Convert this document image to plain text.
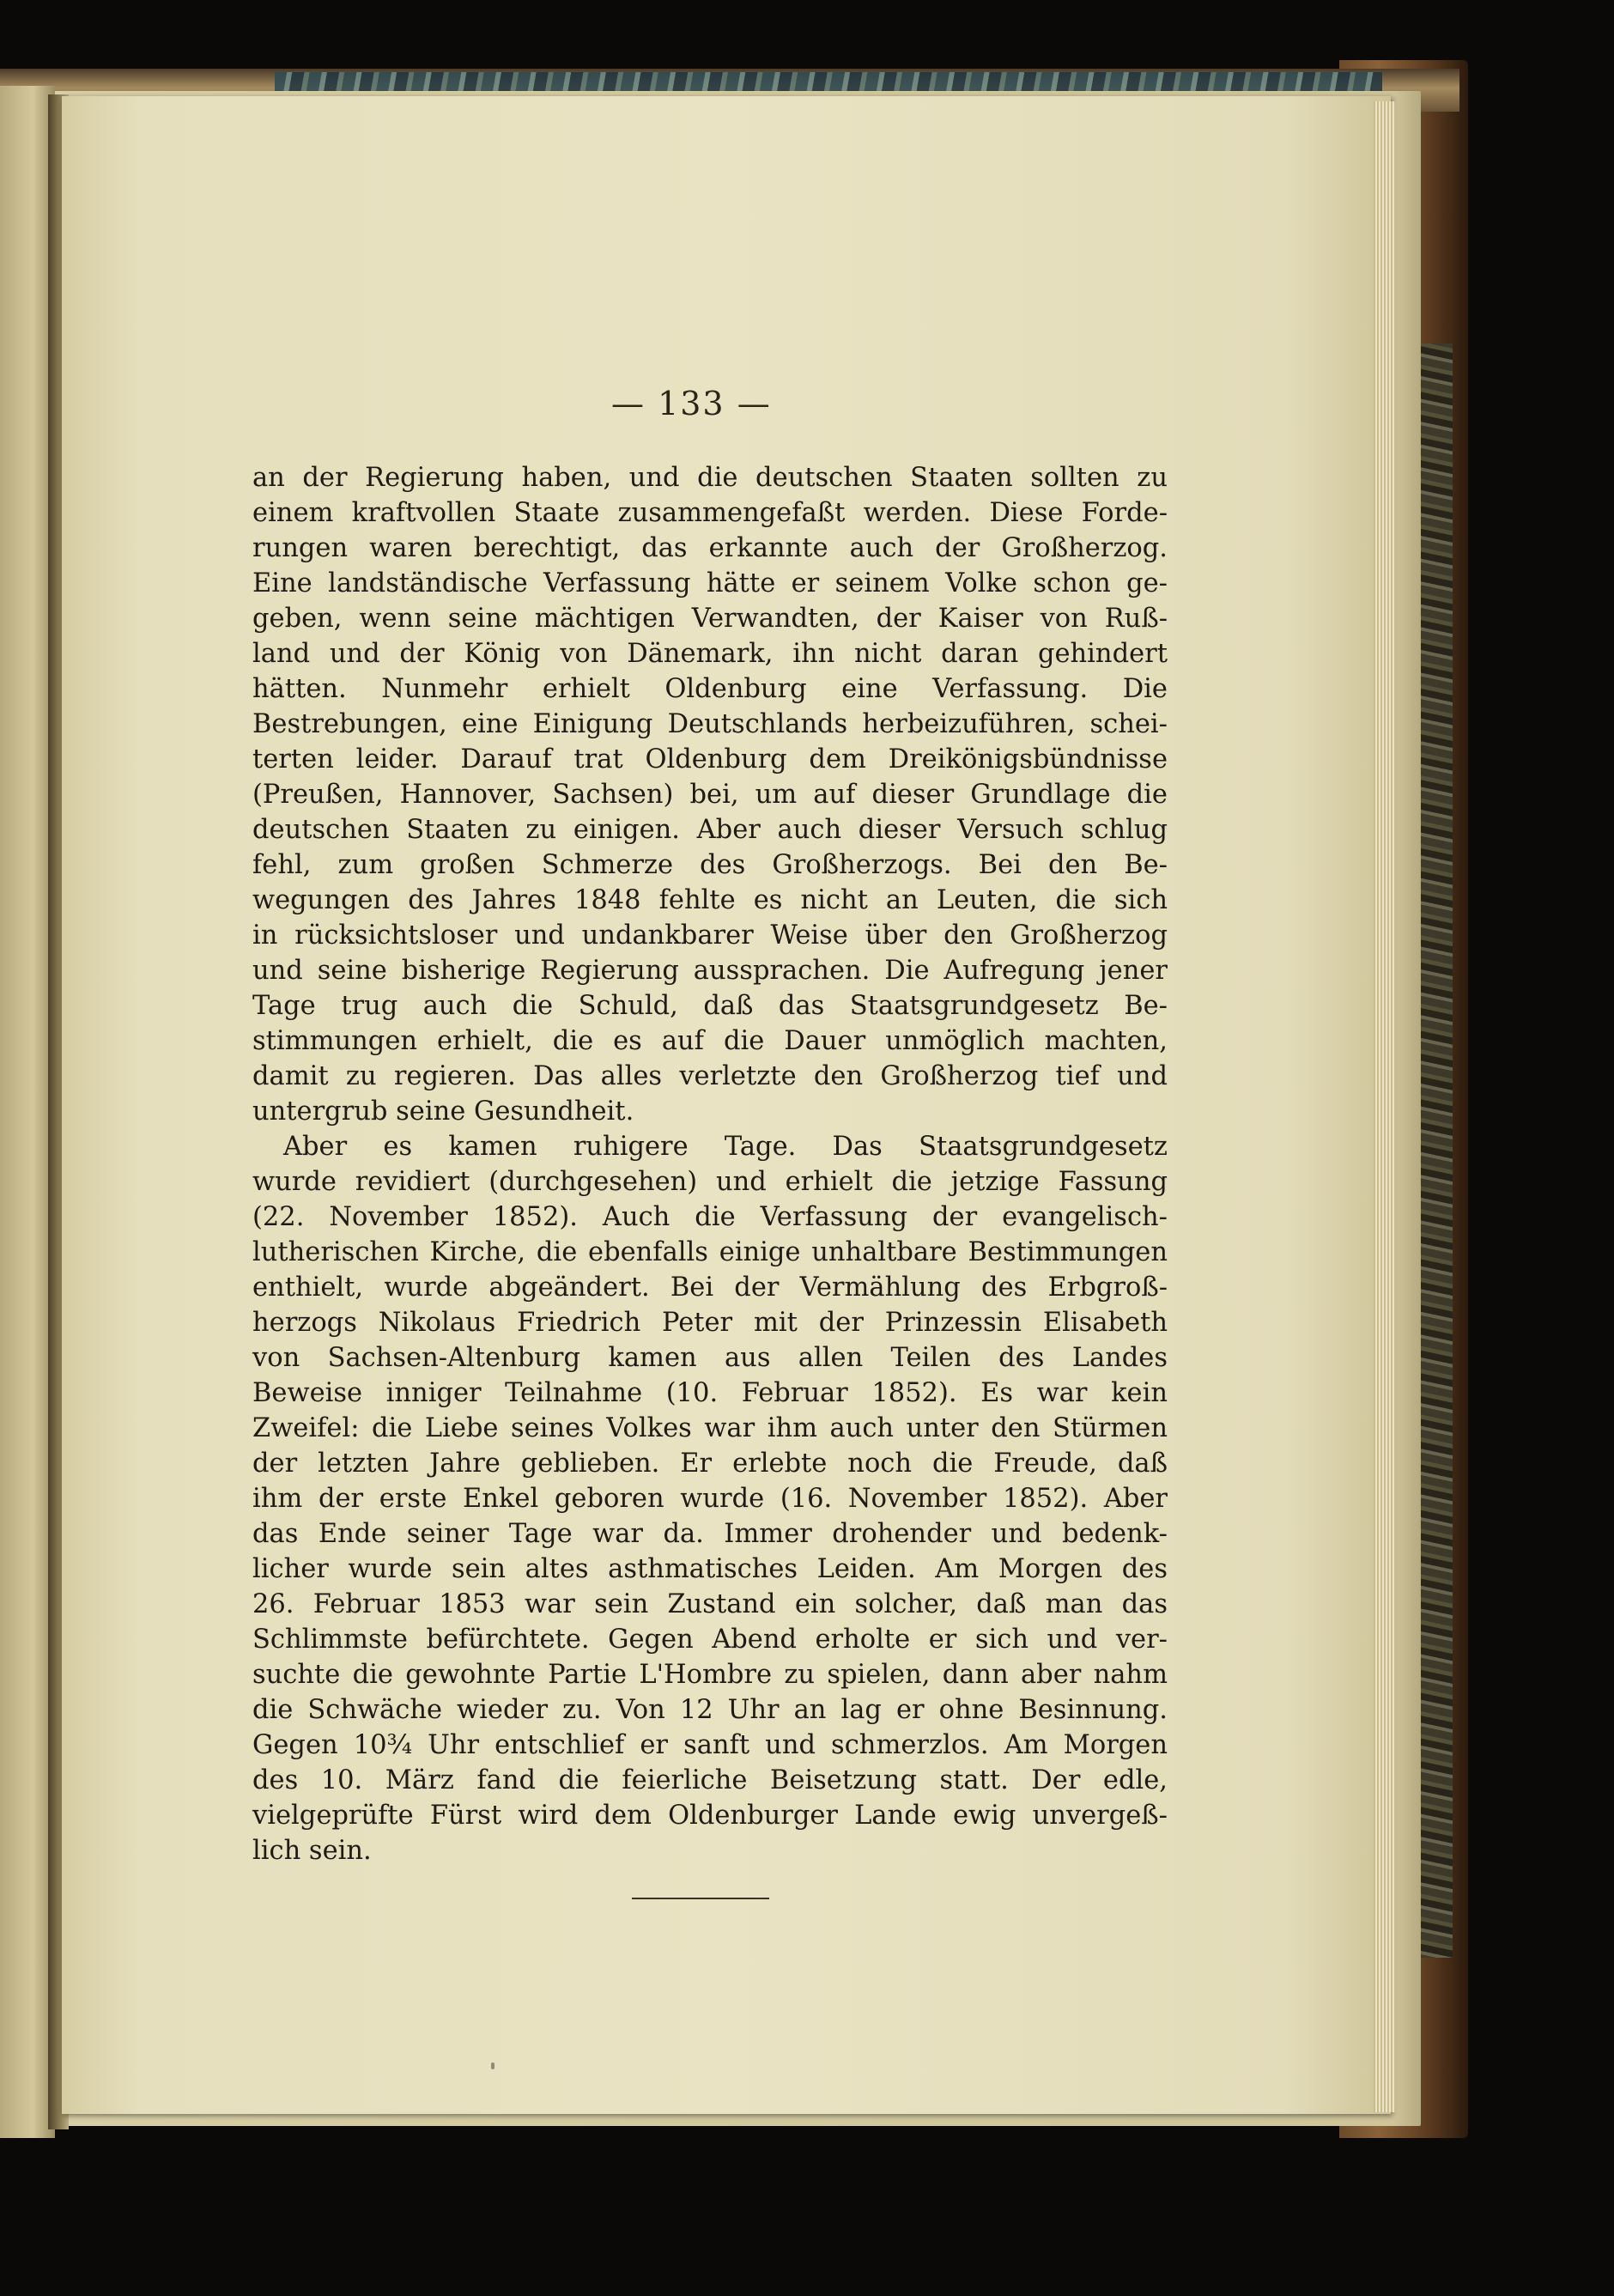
— 133 —
an der Regierung haben, und die deutschen Staaten sollten zu
einem kraftvollen Staate zusammengefaßt werden. Diese Forde-
rungen waren berechtigt, das erkannte auch der Großherzog.
Eine landständische Verfassung hätte er seinem Volke schon ge-
geben, wenn seine mächtigen Verwandten, der Kaiser von Ruß-
land und der König von Dänemark, ihn nicht daran gehindert
hätten. Nunmehr erhielt Oldenburg eine Verfassung. Die
Bestrebungen, eine Einigung Deutschlands herbeizuführen, schei-
terten leider. Darauf trat Oldenburg dem Dreikönigsbündnisse
(Preußen, Hannover, Sachsen) bei, um auf dieser Grundlage die
deutschen Staaten zu einigen. Aber auch dieser Versuch schlug
fehl, zum großen Schmerze des Großherzogs. Bei den Be-
wegungen des Jahres 1848 fehlte es nicht an Leuten, die sich
in rücksichtsloser und undankbarer Weise über den Großherzog
und seine bisherige Regierung aussprachen. Die Aufregung jener
Tage trug auch die Schuld, daß das Staatsgrundgesetz Be-
stimmungen erhielt, die es auf die Dauer unmöglich machten,
damit zu regieren. Das alles verletzte den Großherzog tief und
untergrub seine Gesundheit.
Aber es kamen ruhigere Tage. Das Staatsgrundgesetz
wurde revidiert (durchgesehen) und erhielt die jetzige Fassung
(22. November 1852). Auch die Verfassung der evangelisch-
lutherischen Kirche, die ebenfalls einige unhaltbare Bestimmungen
enthielt, wurde abgeändert. Bei der Vermählung des Erbgroß-
herzogs Nikolaus Friedrich Peter mit der Prinzessin Elisabeth
von Sachsen-Altenburg kamen aus allen Teilen des Landes
Beweise inniger Teilnahme (10. Februar 1852). Es war kein
Zweifel: die Liebe seines Volkes war ihm auch unter den Stürmen
der letzten Jahre geblieben. Er erlebte noch die Freude, daß
ihm der erste Enkel geboren wurde (16. November 1852). Aber
das Ende seiner Tage war da. Immer drohender und bedenk-
licher wurde sein altes asthmatisches Leiden. Am Morgen des
26. Februar 1853 war sein Zustand ein solcher, daß man das
Schlimmste befürchtete. Gegen Abend erholte er sich und ver-
suchte die gewohnte Partie L'Hombre zu spielen, dann aber nahm
die Schwäche wieder zu. Von 12 Uhr an lag er ohne Besinnung.
Gegen 10¾ Uhr entschlief er sanft und schmerzlos. Am Morgen
des 10. März fand die feierliche Beisetzung statt. Der edle,
vielgeprüfte Fürst wird dem Oldenburger Lande ewig unvergeß-
lich sein.
